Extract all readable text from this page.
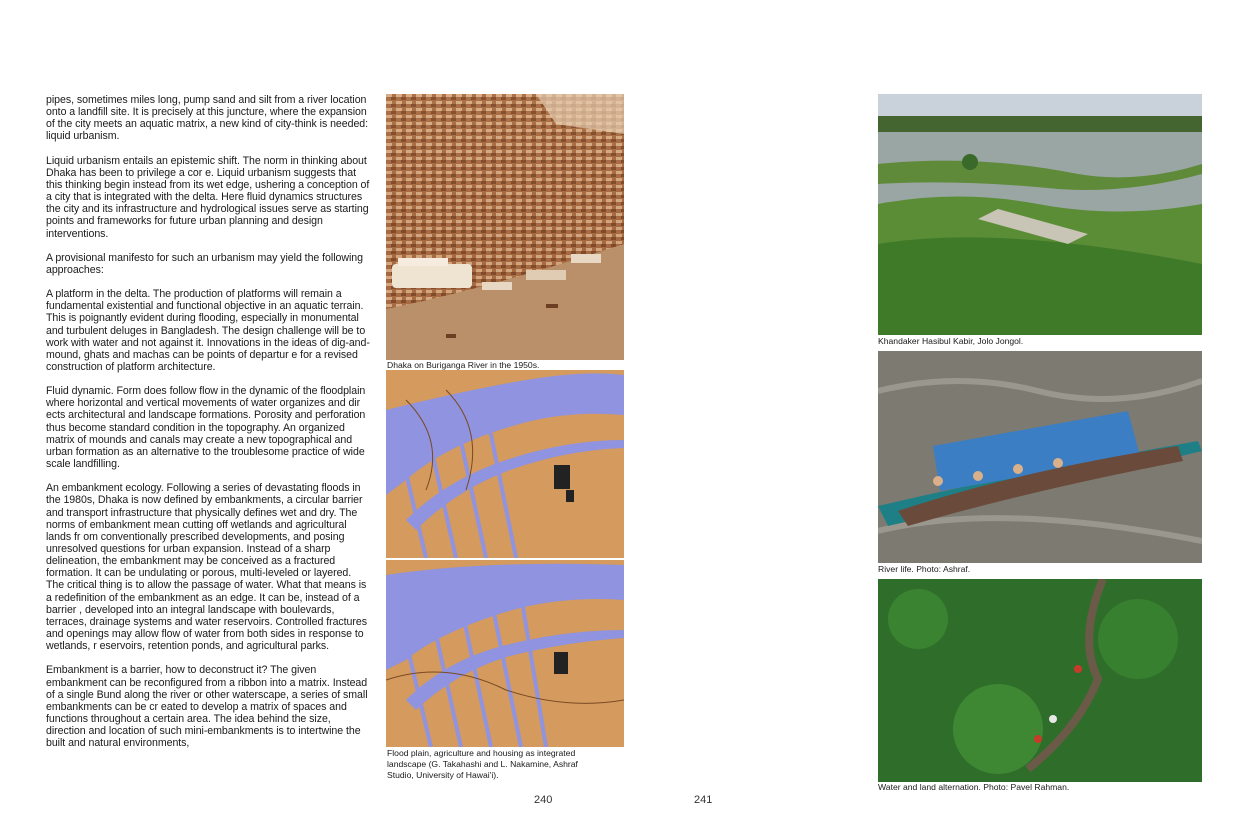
pipes, sometimes miles long, pump sand and silt from a river location onto a landfill site. It is precisely at this juncture, where the expansion of the city meets an aquatic matrix, a new kind of city-think is needed: liquid urbanism.

Liquid urbanism entails an epistemic shift. The norm in thinking about Dhaka has been to privilege a cor e. Liquid urbanism suggests that this thinking begin instead from its wet edge, ushering a conception of a city that is integrated with the delta. Here fluid dynamics structures the city and its infrastructure and hydrological issues serve as starting points and frameworks for future urban planning and design interventions.

A provisional manifesto for such an urbanism may yield the following approaches:

A platform in the delta. The production of platforms will remain a fundamental existential and functional objective in an aquatic terrain. This is poignantly evident during flooding, especially in monumental and turbulent deluges in Bangladesh. The design challenge will be to work with water and not against it. Innovations in the ideas of dig-and-mound, ghats and machas can be points of departur e for a revised construction of platform architecture.

Fluid dynamic. Form does follow flow in the dynamic of the floodplain where horizontal and vertical movements of water organizes and dir ects architectural and landscape formations. Porosity and perforation thus become standard condition in the topography. An organized matrix of mounds and canals may create a new topographical and urban formation as an alternative to the troublesome practice of wide scale landfilling.

An embankment ecology. Following a series of devastating floods in the 1980s, Dhaka is now defined by embankments, a circular barrier and transport infrastructure that physically defines wet and dry. The norms of embankment mean cutting off wetlands and agricultural lands fr om conventionally prescribed developments, and posing unresolved questions for urban expansion. Instead of a sharp delineation, the embankment may be conceived as a fractured formation. It can be undulating or porous, multi-leveled or layered. The critical thing is to allow the passage of water. What that means is a redefinition of the embankment as an edge. It can be, instead of a barrier , developed into an integral landscape with boulevards, terraces, drainage systems and water reservoirs. Controlled fractures and openings may allow flow of water from both sides in response to wetlands, r eservoirs, retention ponds, and agricultural parks.

Embankment is a barrier, how to deconstruct it? The given embankment can be reconfigured from a ribbon into a matrix. Instead of a single Bund along the river or other waterscape, a series of small embankments can be cr eated to develop a matrix of spaces and functions throughout a certain area. The idea behind the size, direction and location of such mini-embankments is to intertwine the built and natural environments,

Dhaka on Buriganga River in the 1950s.
Flood plain, agriculture and housing as integrated landscape (G. Takahashi and L. Nakamine, Ashraf Studio, University of Hawai'i).
240
Khandaker Hasibul Kabir, Jolo Jongol.
River life. Photo: Ashraf.
Water and land alternation. Photo: Pavel Rahman.
241
